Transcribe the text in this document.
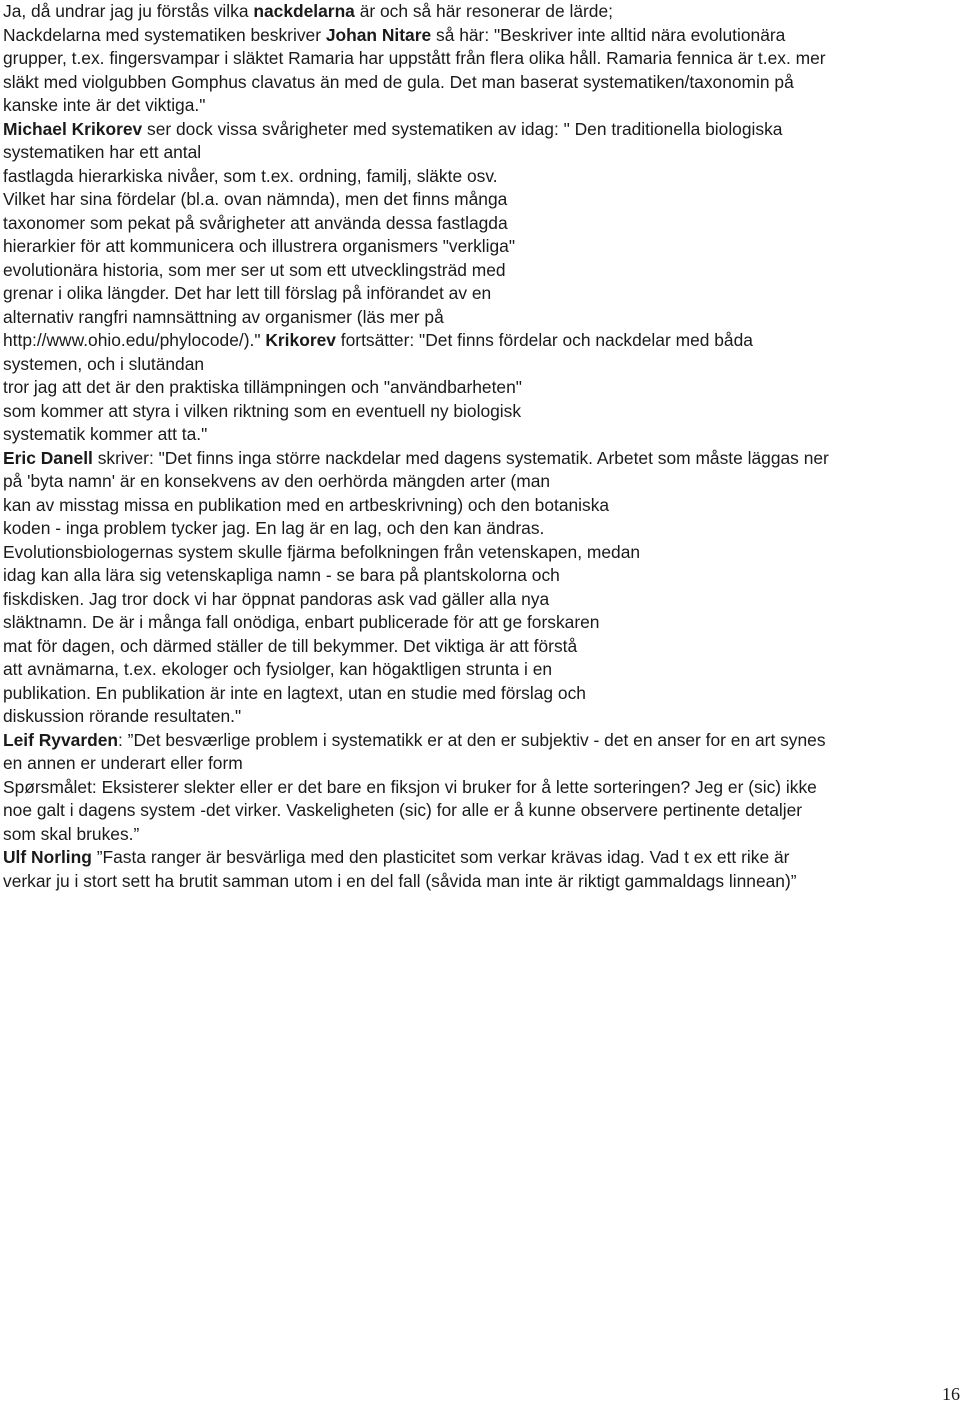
Ja, då undrar jag ju förstås vilka nackdelarna är och så här resonerar de lärde;
Nackdelarna med systematiken beskriver Johan Nitare så här: "Beskriver inte alltid nära evolutionära
grupper, t.ex. fingersvampar i släktet Ramaria har uppstått från flera olika håll. Ramaria fennica är t.ex. mer
släkt med violgubben Gomphus clavatus än med de gula. Det man baserat systematiken/taxonomin på
kanske inte är det viktiga."
Michael Krikorev ser dock vissa svårigheter med systematiken av idag: " Den traditionella biologiska
systematiken har ett antal
fastlagda hierarkiska nivåer, som t.ex. ordning, familj, släkte osv.
Vilket har sina fördelar (bl.a. ovan nämnda), men det finns många
taxonomer som pekat på svårigheter att använda dessa fastlagda
hierarkier för att kommunicera och illustrera organismers "verkliga"
evolutionära historia, som mer ser ut som ett utvecklingsträd med
grenar i olika längder. Det har lett till förslag på införandet av en
alternativ rangfri namnsättning av organismer (läs mer på
http://www.ohio.edu/phylocode/)." Krikorev fortsätter: "Det finns fördelar och nackdelar med båda
systemen, och i slutändan
tror jag att det är den praktiska tillämpningen och "användbarheten"
som kommer att styra i vilken riktning som en eventuell ny biologisk
systematik kommer att ta."
Eric Danell skriver: "Det finns inga större nackdelar med dagens systematik. Arbetet som måste läggas ner
på 'byta namn' är en konsekvens av den oerhörda mängden arter (man
kan av misstag missa en publikation med en artbeskrivning) och den botaniska
koden - inga problem tycker jag. En lag är en lag, och den kan ändras.
Evolutionsbiologernas system skulle fjärma befolkningen från vetenskapen, medan
idag kan alla lära sig vetenskapliga namn - se bara på plantskolorna och
fiskdisken. Jag tror dock vi har öppnat pandoras ask vad gäller alla nya
släktnamn. De är i många fall onödiga, enbart publicerade för att ge forskaren
mat för dagen, och därmed ställer de till bekymmer. Det viktiga är att förstå
att avnämarna, t.ex. ekologer och fysiolger, kan högaktligen strunta i en
publikation. En publikation är inte en lagtext, utan en studie med förslag och
diskussion rörande resultaten."
Leif Ryvarden: ”Det besværlige problem i systematikk er at den er subjektiv - det en anser for en art synes
en annen er underart eller form
Spørsmålet: Eksisterer slekter eller er det bare en fiksjon vi bruker for å lette sorteringen? Jeg er (sic) ikke
noe galt i dagens system -det virker. Vaskeligheten (sic) for alle er å kunne observere pertinente detaljer
som skal brukes.”
Ulf Norling ”Fasta ranger är besvärliga med den plasticitet som verkar krävas idag. Vad t ex ett rike är
verkar ju i stort sett ha brutit samman utom i en del fall (såvida man inte är riktigt gammaldags linnean)”
16
